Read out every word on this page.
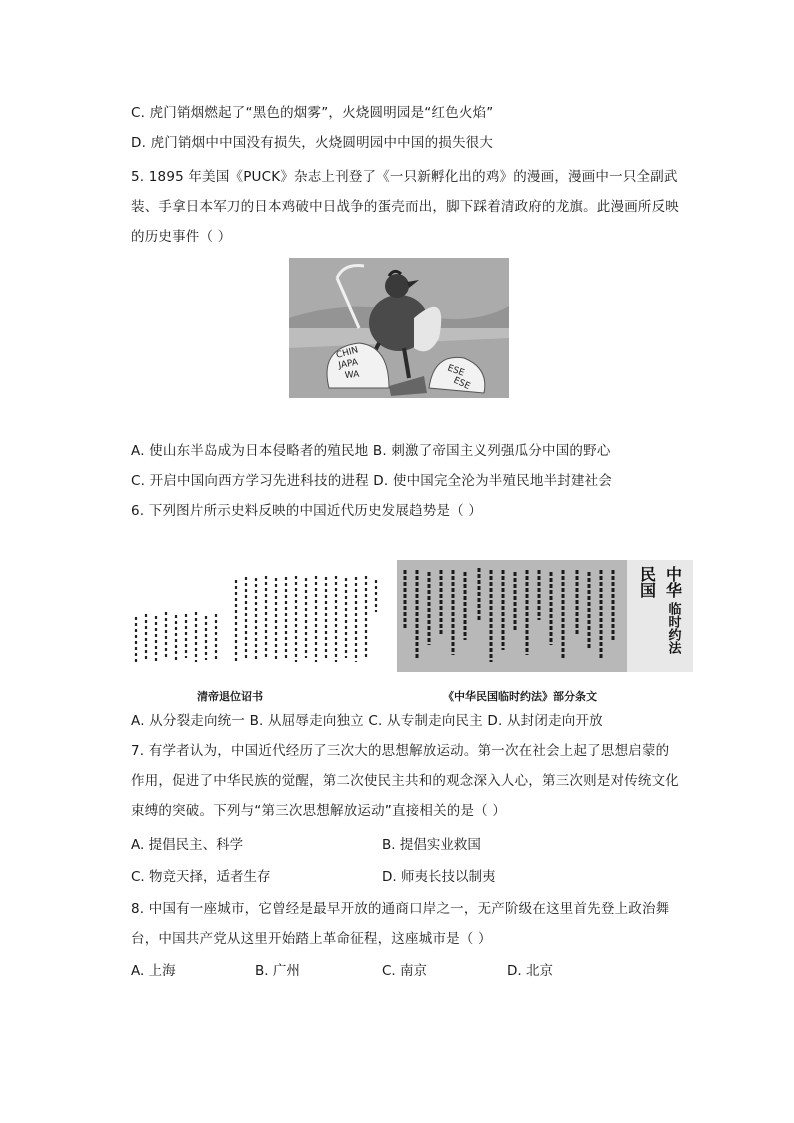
C. 虎门销烟燃起了“黑色的烟雾”，火烧圆明园是“红色火焰”
D. 虎门销烟中中国没有损失，火烧圆明园中中国的损失很大
5. 1895 年美国《PUCK》杂志上刊登了《一只新孵化出的鸡》的漫画，漫画中一只全副武
装、手拿日本军刀的日本鸡破中日战争的蛋壳而出，脚下踩着清政府的龙旗。此漫画所反映
的历史事件（ ）
CHIN
JAPA
WA	ESE
ESE
A. 使山东半岛成为日本侵略者的殖民地 B. 刺激了帝国主义列强瓜分中国的野心
C. 开启中国向西方学习先进科技的进程 D. 使中国完全沦为半殖民地半封建社会
6. 下列图片所示史料反映的中国近代历史发展趋势是（ ）
中华
民国
临时约法
清帝退位诏书	《中华民国临时约法》部分条文
A. 从分裂走向统一 B. 从屈辱走向独立 C. 从专制走向民主 D. 从封闭走向开放
7. 有学者认为，中国近代经历了三次大的思想解放运动。第一次在社会上起了思想启蒙的
作用，促进了中华民族的觉醒，第二次使民主共和的观念深入人心，第三次则是对传统文化
束缚的突破。下列与“第三次思想解放运动”直接相关的是（ ）
A. 提倡民主、科学	B. 提倡实业救国
C. 物竞天择，适者生存	D. 师夷长技以制夷
8. 中国有一座城市，它曾经是最早开放的通商口岸之一，无产阶级在这里首先登上政治舞
台，中国共产党从这里开始踏上革命征程，这座城市是（ ）
A. 上海	B. 广州	C. 南京	D. 北京
